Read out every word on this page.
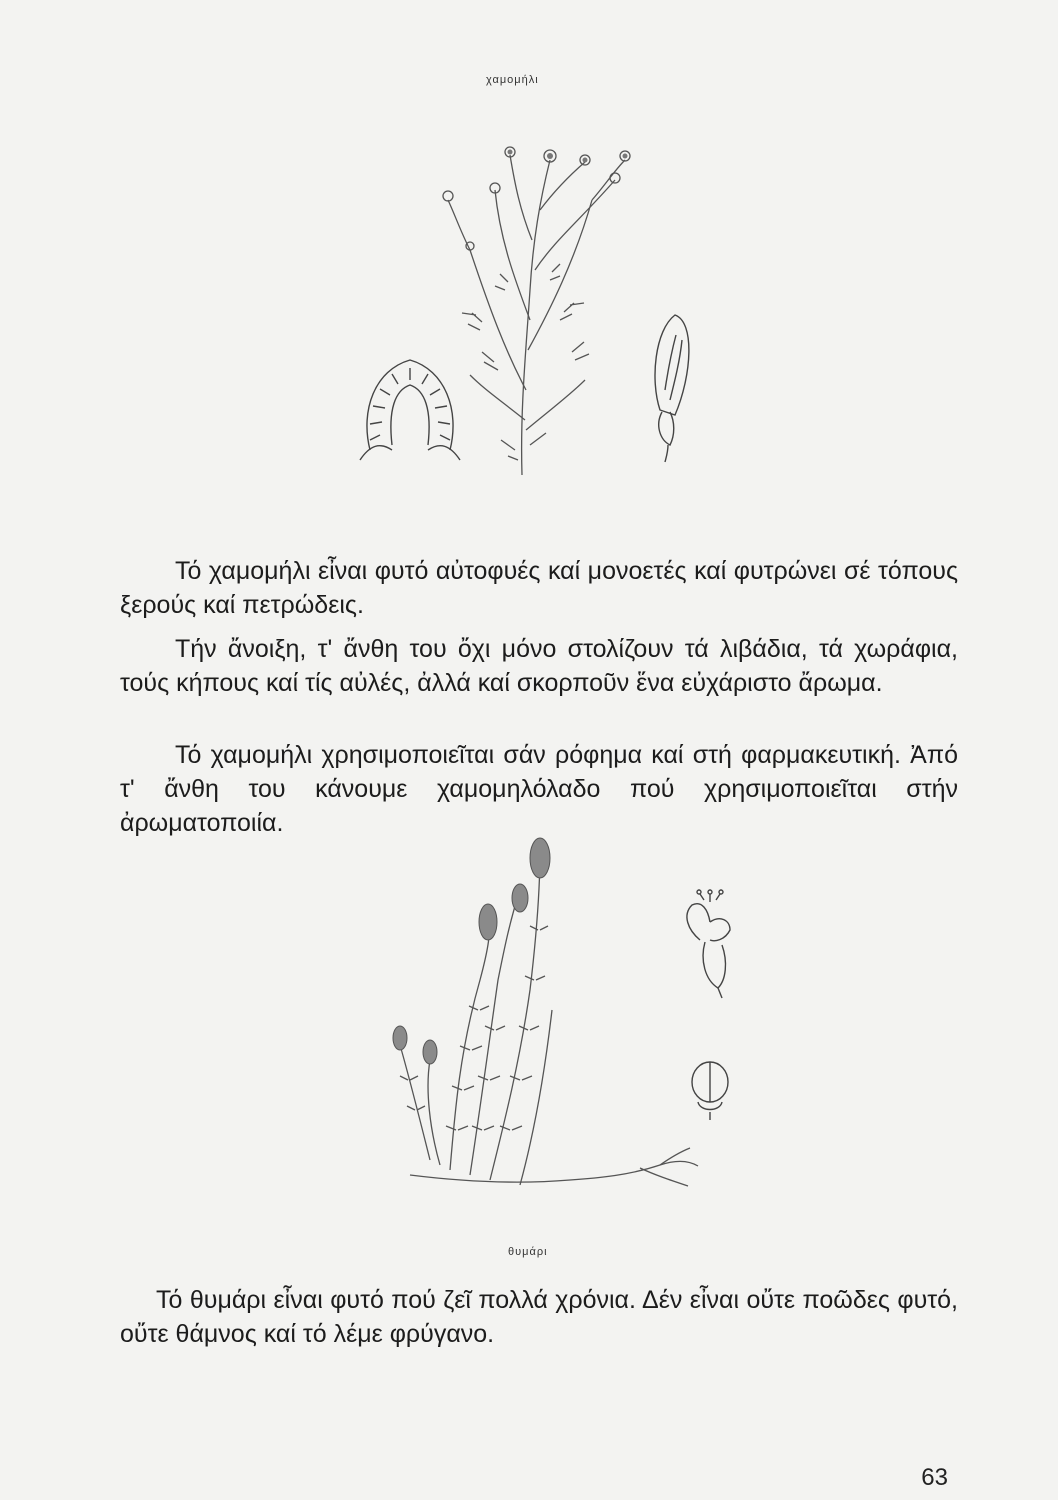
χαμομήλι

Τό χαμομήλι εἶναι φυτό αὐτοφυές καί μονοετές καί φυτρώνει σέ τόπους ξερούς καί πετρώδεις.

Τήν ἄνοιξη, τ' ἄνθη του ὄχι μόνο στολίζουν τά λιβάδια, τά χωράφια, τούς κήπους καί τίς αὐλές, ἀλλά καί σκορποῦν ἕνα εὐχάριστο ἄρωμα.

Τό χαμομήλι χρησιμοποιεῖται σάν ρόφημα καί στή φαρμακευτική. Ἀπό τ' ἄνθη του κάνουμε χαμομηλόλαδο πού χρησιμοποιεῖται στήν ἀρωματοποιία.

θυμάρι

Τό θυμάρι εἶναι φυτό πού ζεῖ πολλά χρόνια. Δέν εἶναι οὔτε ποῶδες φυτό, οὔτε θάμνος καί τό λέμε φρύγανο.

63
